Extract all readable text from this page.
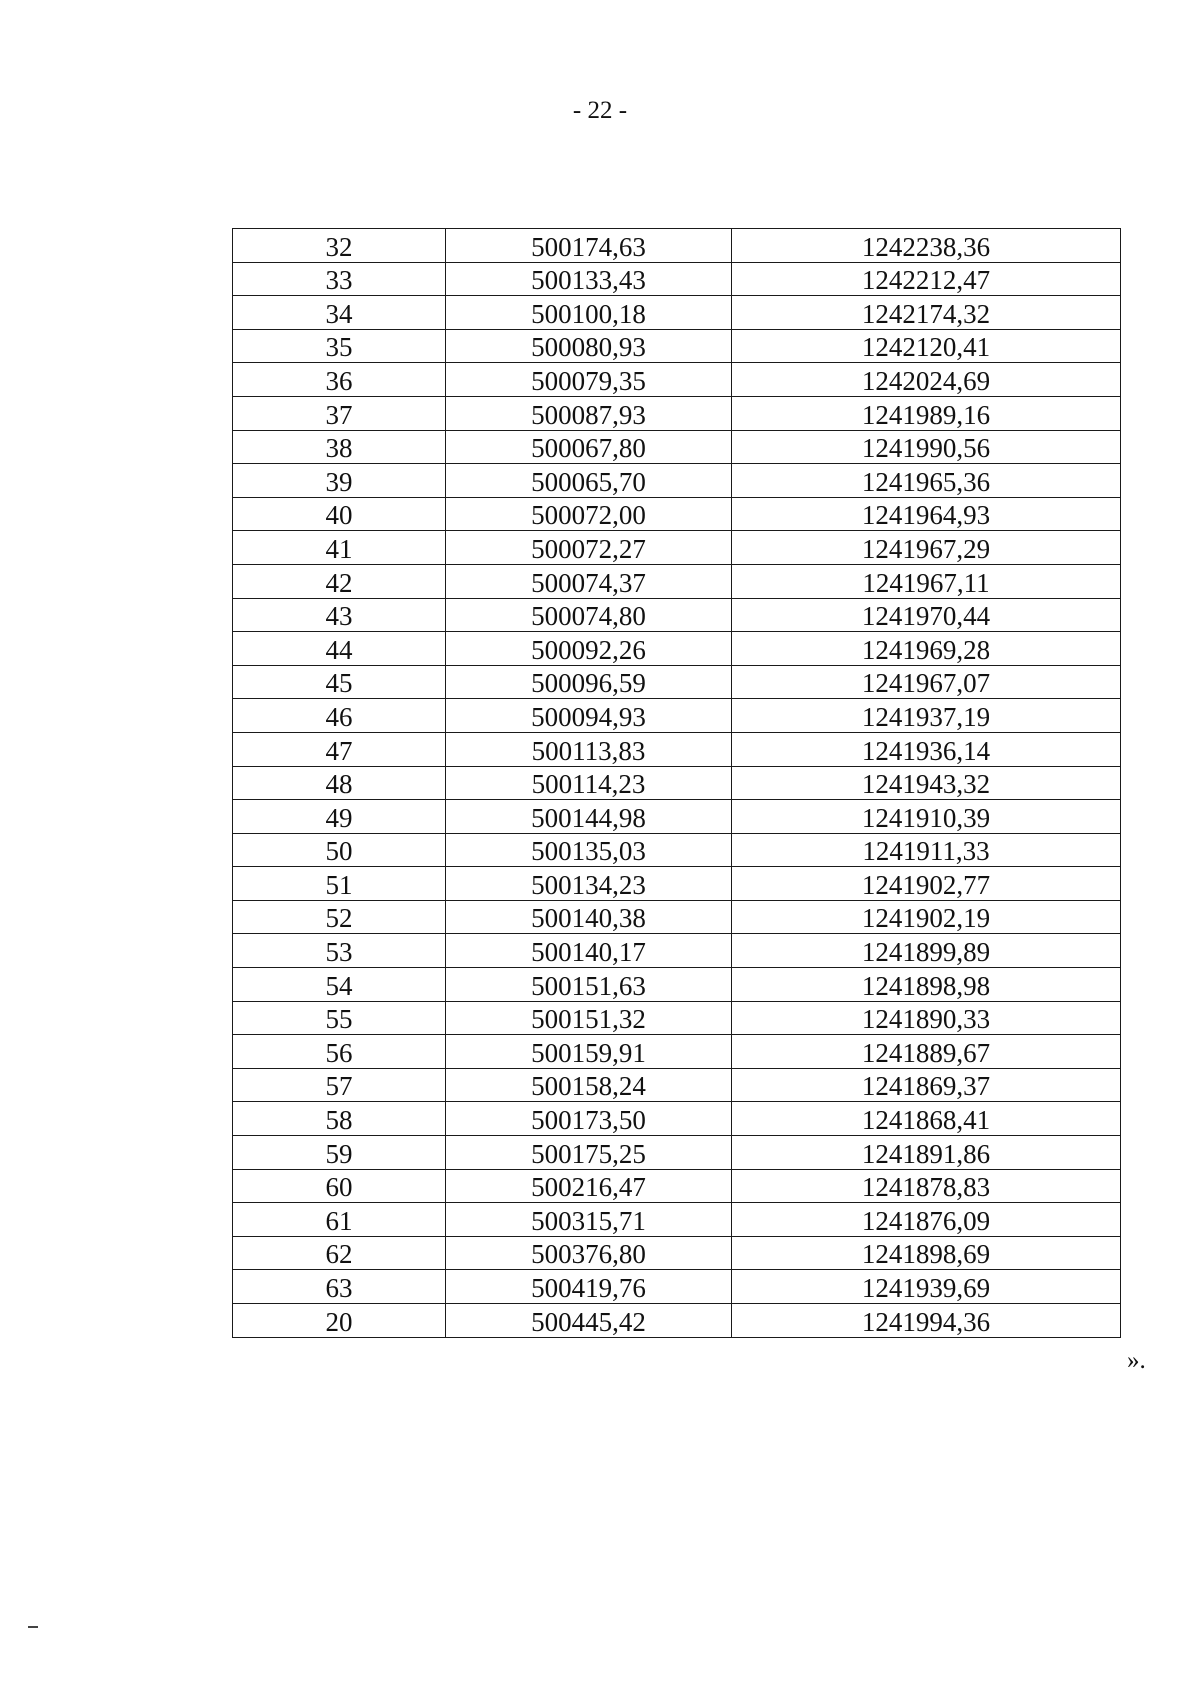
- 22 -
32	500174,63	1242238,36
33	500133,43	1242212,47
34	500100,18	1242174,32
35	500080,93	1242120,41
36	500079,35	1242024,69
37	500087,93	1241989,16
38	500067,80	1241990,56
39	500065,70	1241965,36
40	500072,00	1241964,93
41	500072,27	1241967,29
42	500074,37	1241967,11
43	500074,80	1241970,44
44	500092,26	1241969,28
45	500096,59	1241967,07
46	500094,93	1241937,19
47	500113,83	1241936,14
48	500114,23	1241943,32
49	500144,98	1241910,39
50	500135,03	1241911,33
51	500134,23	1241902,77
52	500140,38	1241902,19
53	500140,17	1241899,89
54	500151,63	1241898,98
55	500151,32	1241890,33
56	500159,91	1241889,67
57	500158,24	1241869,37
58	500173,50	1241868,41
59	500175,25	1241891,86
60	500216,47	1241878,83
61	500315,71	1241876,09
62	500376,80	1241898,69
63	500419,76	1241939,69
20	500445,42	1241994,36
».
